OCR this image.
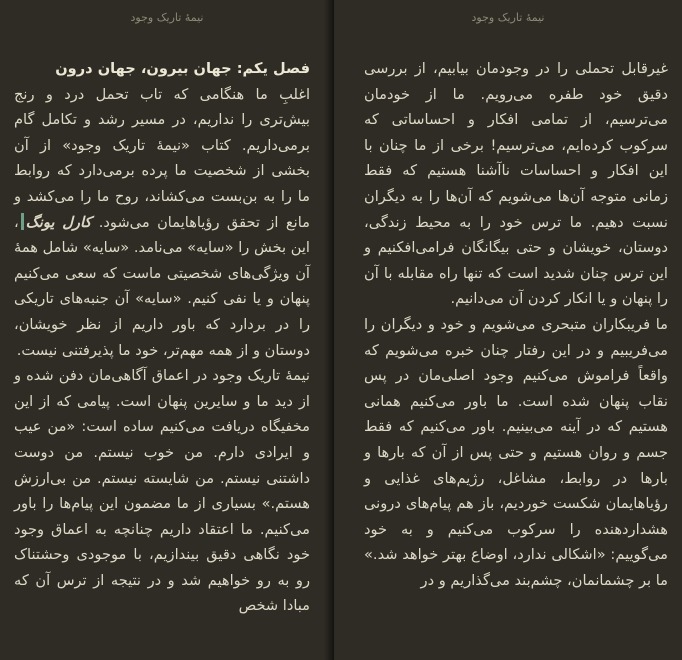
نیمهٔ تاریک وجود

فصل یکم: جهان بیرون، جهان درون

اغلبِ ما هنگامی که تاب تحمل درد و رنج بیش‌تری را نداریم، در مسیر رشد و تکامل گام برمی‌داریم. کتاب «نیمهٔ تاریک وجود» از آن بخشی از شخصیت ما پرده برمی‌دارد که روابط ما را به بن‌بست می‌کشاند، روح ما را می‌کشد و مانع از تحقق رؤیاهایمان می‌شود. کارل یونگ، این بخش را «سایه» می‌نامد. «سایه» شامل همهٔ آن ویژگی‌های شخصیتی ماست که سعی می‌کنیم پنهان و یا نفی کنیم. «سایه» آن جنبه‌های تاریکی را در بردارد که باور داریم از نظر خویشان، دوستان و از همه مهم‌تر، خود ما پذیرفتنی نیست.

نیمهٔ تاریک وجود در اعماق آگاهی‌مان دفن شده و از دید ما و سایرین پنهان است. پیامی که از این مخفیگاه دریافت می‌کنیم ساده است: «من عیب و ایرادی دارم. من خوب نیستم. من دوست داشتنی نیستم. من شایسته نیستم. من بی‌ارزش هستم.» بسیاری از ما مضمون این پیام‌ها را باور می‌کنیم. ما اعتقاد داریم چنانچه به اعماق وجود خود نگاهی دقیق بیندازیم، با موجودی وحشتناک رو به رو خواهیم شد و در نتیجه از ترس آن که مبادا شخص

نیمهٔ تاریک وجود

غیرقابل تحملی را در وجودمان بیابیم، از بررسی دقیق خود طفره می‌رویم. ما از خودمان می‌ترسیم، از تمامی افکار و احساساتی که سرکوب کرده‌ایم، می‌ترسیم! برخی از ما چنان با این افکار و احساسات ناآشنا هستیم که فقط زمانی متوجه آن‌ها می‌شویم که آن‌ها را به دیگران نسبت دهیم. ما ترس خود را به محیط زندگی، دوستان، خویشان و حتی بیگانگان فرامی‌افکنیم و این ترس چنان شدید است که تنها راه مقابله با آن را پنهان و یا انکار کردن آن می‌دانیم.

ما فریبکاران متبحری می‌شویم و خود و دیگران را می‌فریبیم و در این رفتار چنان خبره می‌شویم که واقعاً فراموش می‌کنیم وجود اصلی‌مان در پس نقاب پنهان شده است. ما باور می‌کنیم همانی هستیم که در آینه می‌بینیم. باور می‌کنیم که فقط جسم و روان هستیم و حتی پس از آن که بارها و بارها در روابط، مشاغل، رژیم‌های غذایی و رؤیاهایمان شکست خوردیم، باز هم پیام‌های درونی هشداردهنده را سرکوب می‌کنیم و به خود می‌گوییم: «اشکالی ندارد، اوضاع بهتر خواهد شد.» ما بر چشمانمان، چشم‌بند می‌گذاریم و در
